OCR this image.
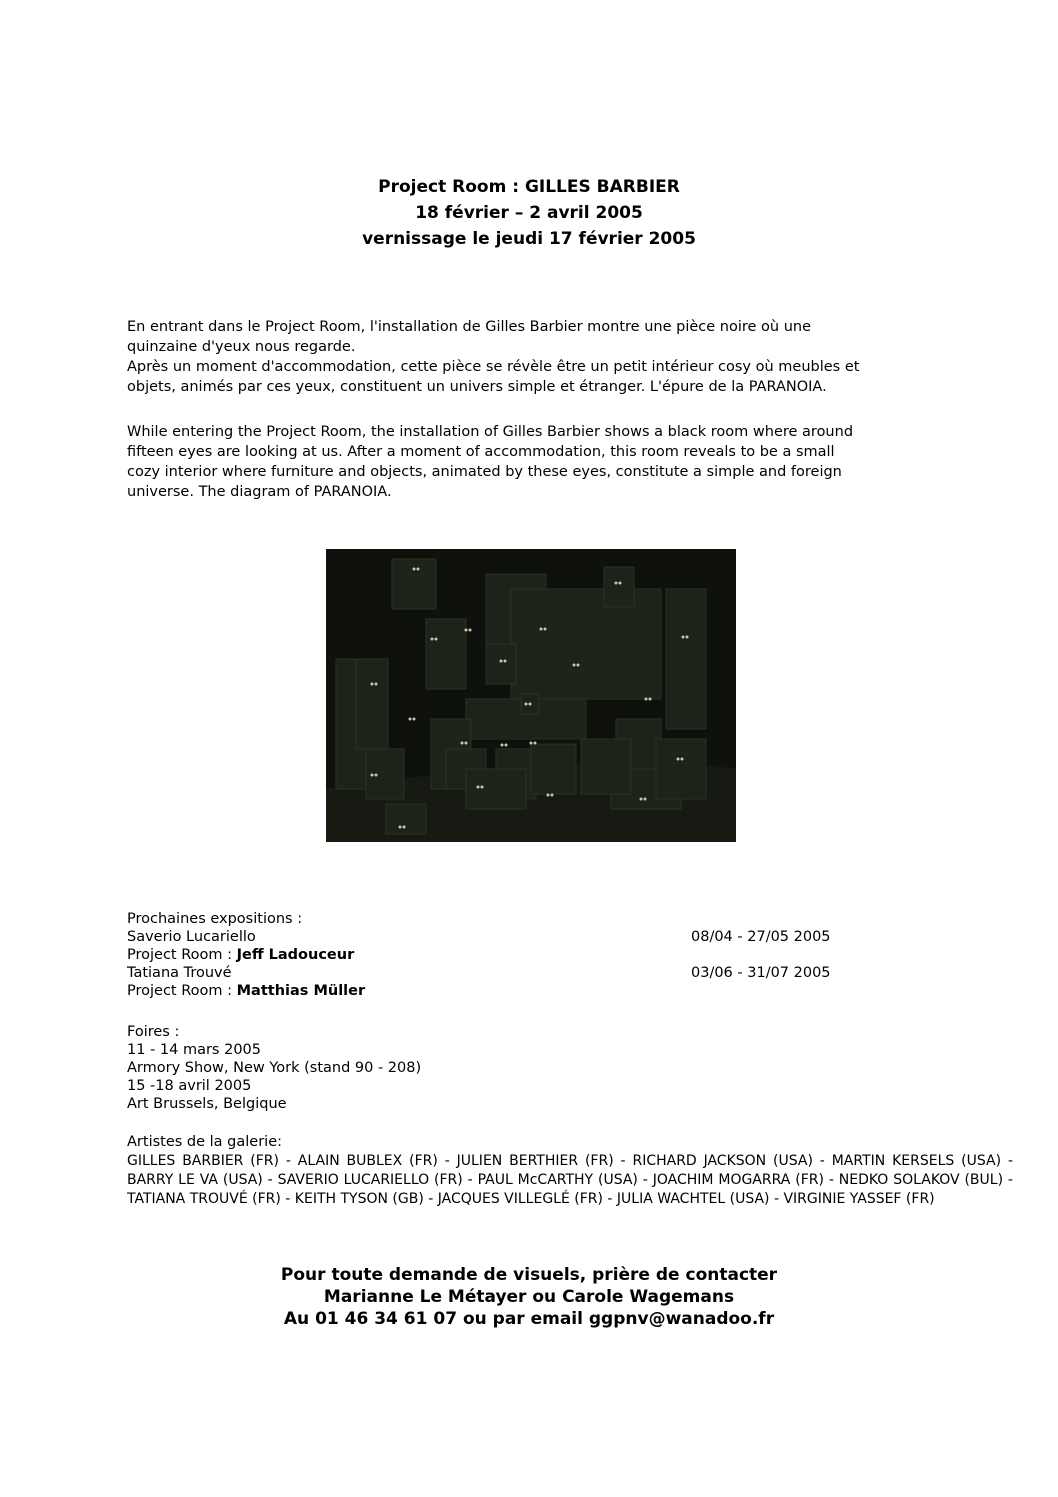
Project Room : GILLES BARBIER
18 février – 2 avril 2005
vernissage le jeudi 17 février 2005
En entrant dans le Project Room, l'installation de Gilles Barbier montre une pièce noire où une
quinzaine d'yeux nous regarde.
Après un moment d'accommodation, cette pièce se révèle être un petit intérieur cosy où meubles et
objets, animés par ces yeux, constituent un univers simple et étranger. L'épure de la PARANOIA.
While entering the Project Room, the installation of Gilles Barbier shows a black room where around
fifteen eyes are looking at us. After a moment of accommodation, this room reveals to be a small
cozy interior where furniture and objects, animated by these eyes, constitute a simple and foreign
universe. The diagram of PARANOIA.
Prochaines expositions :
Saverio Lucariello	08/04 - 27/05 2005
Project Room : Jeff Ladouceur
Tatiana Trouvé	03/06 - 31/07 2005
Project Room : Matthias Müller
Foires :
11 - 14 mars 2005
Armory Show, New York (stand 90 - 208)
15 -18 avril 2005
Art Brussels, Belgique
Artistes de la galerie:
GILLES BARBIER (FR) - ALAIN BUBLEX (FR) - JULIEN BERTHIER (FR) - RICHARD JACKSON (USA) - MARTIN KERSELS (USA) - BARRY LE VA (USA) - SAVERIO LUCARIELLO (FR) - PAUL McCARTHY (USA) - JOACHIM MOGARRA (FR) - NEDKO SOLAKOV (BUL) - TATIANA TROUVÉ (FR) - KEITH TYSON (GB) - JACQUES VILLEGLÉ (FR) - JULIA WACHTEL (USA) - VIRGINIE YASSEF (FR)
Pour toute demande de visuels, prière de contacter
Marianne Le Métayer ou Carole Wagemans
Au 01 46 34 61 07 ou par email ggpnv@wanadoo.fr
